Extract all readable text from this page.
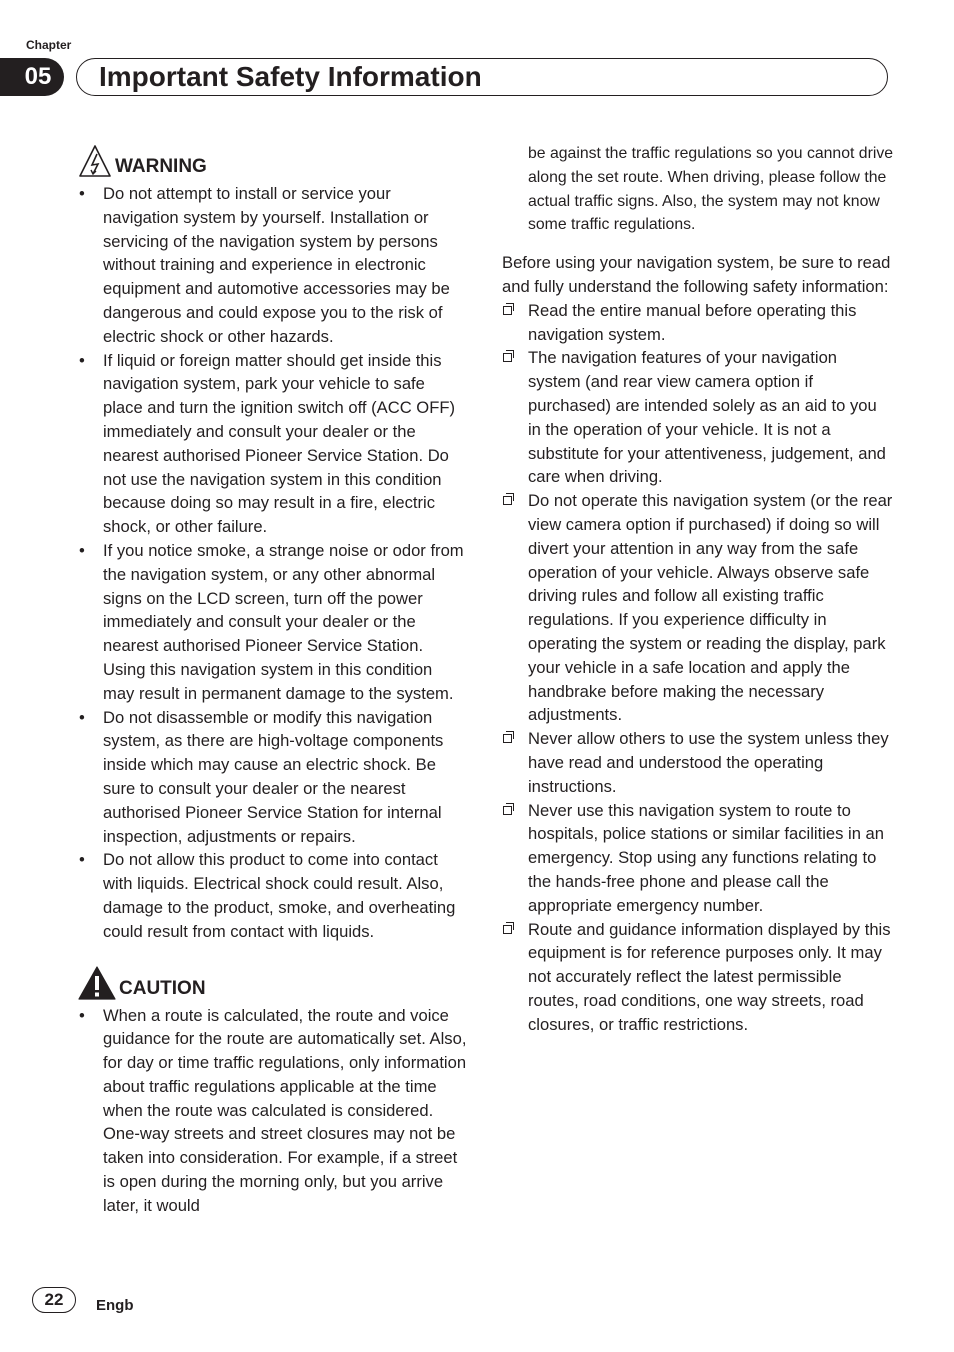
Chapter
05	Important Safety Information
WARNING
• Do not attempt to install or service your navigation system by yourself. Installation or servicing of the navigation system by persons without training and experience in electronic equipment and automotive accessories may be dangerous and could expose you to the risk of electric shock or other hazards.
• If liquid or foreign matter should get inside this navigation system, park your vehicle to safe place and turn the ignition switch off (ACC OFF) immediately and consult your dealer or the nearest authorised Pioneer Service Station. Do not use the navigation system in this condition because doing so may result in a fire, electric shock, or other failure.
• If you notice smoke, a strange noise or odor from the navigation system, or any other abnormal signs on the LCD screen, turn off the power immediately and consult your dealer or the nearest authorised Pioneer Service Station. Using this navigation system in this condition may result in permanent damage to the system.
• Do not disassemble or modify this navigation system, as there are high-voltage components inside which may cause an electric shock. Be sure to consult your dealer or the nearest authorised Pioneer Service Station for internal inspection, adjustments or repairs.
• Do not allow this product to come into contact with liquids. Electrical shock could result. Also, damage to the product, smoke, and overheating could result from contact with liquids.
CAUTION
• When a route is calculated, the route and voice guidance for the route are automatically set. Also, for day or time traffic regulations, only information about traffic regulations applicable at the time when the route was calculated is considered. One-way streets and street closures may not be taken into consideration. For example, if a street is open during the morning only, but you arrive later, it would
be against the traffic regulations so you cannot drive along the set route. When driving, please follow the actual traffic signs. Also, the system may not know some traffic regulations.
Before using your navigation system, be sure to read and fully understand the following safety information:
Read the entire manual before operating this navigation system.
The navigation features of your navigation system (and rear view camera option if purchased) are intended solely as an aid to you in the operation of your vehicle. It is not a substitute for your attentiveness, judgement, and care when driving.
Do not operate this navigation system (or the rear view camera option if purchased) if doing so will divert your attention in any way from the safe operation of your vehicle. Always observe safe driving rules and follow all existing traffic regulations. If you experience difficulty in operating the system or reading the display, park your vehicle in a safe location and apply the handbrake before making the necessary adjustments.
Never allow others to use the system unless they have read and understood the operating instructions.
Never use this navigation system to route to hospitals, police stations or similar facilities in an emergency. Stop using any functions relating to the hands-free phone and please call the appropriate emergency number.
Route and guidance information displayed by this equipment is for reference purposes only. It may not accurately reflect the latest permissible routes, road conditions, one way streets, road closures, or traffic restrictions.
22	Engb
